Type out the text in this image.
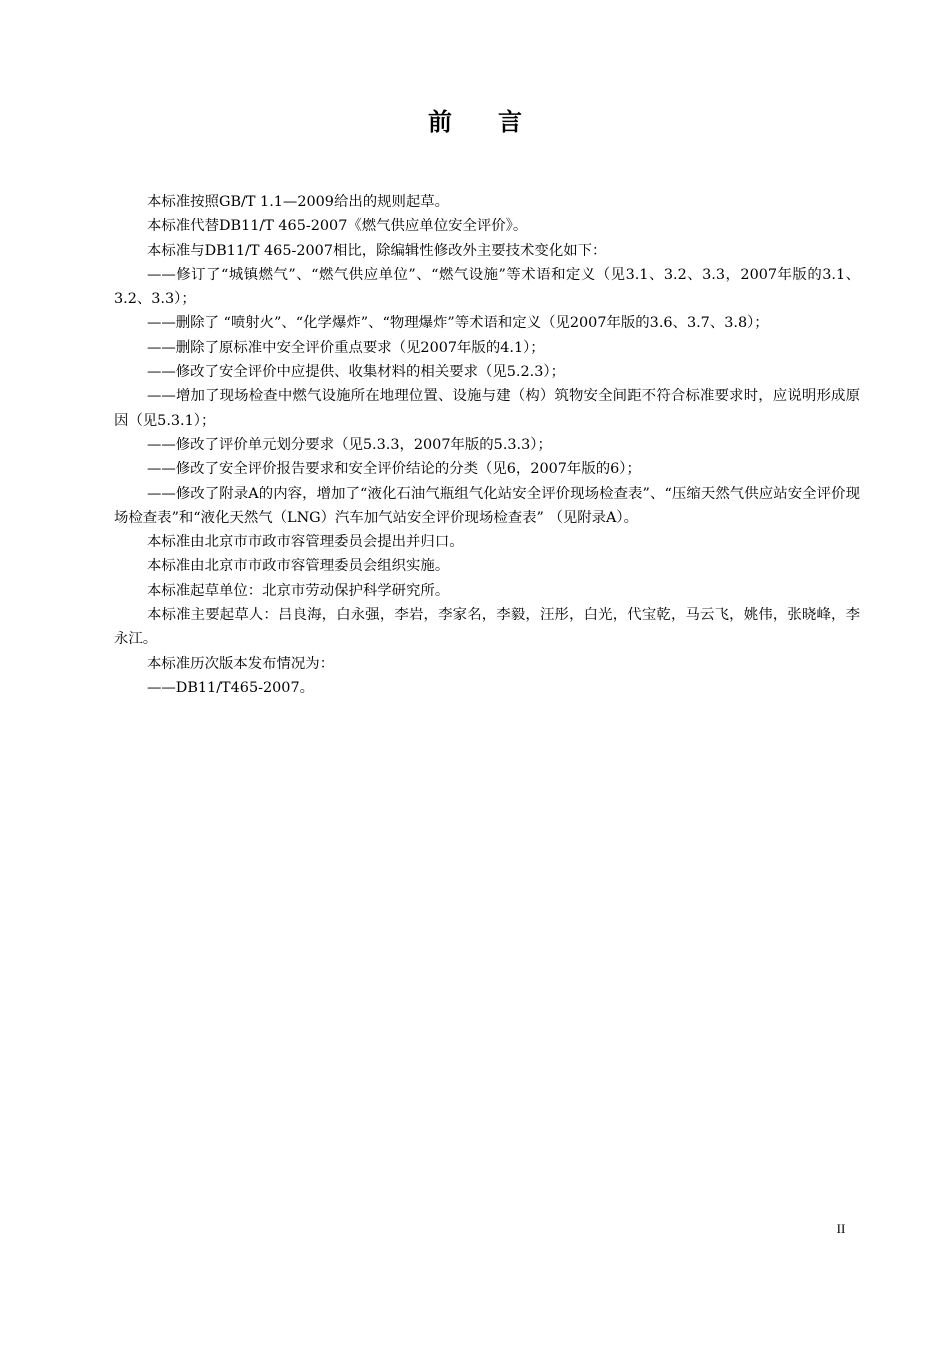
前言

本标准按照GB/T 1.1—2009给出的规则起草。

本标准代替DB11/T 465-2007《燃气供应单位安全评价》。

本标准与DB11/T 465-2007相比，除编辑性修改外主要技术变化如下：

——修订了“城镇燃气”、“燃气供应单位”、“燃气设施”等术语和定义（见3.1、3.2、3.3，2007年版的3.1、3.2、3.3）；

——删除了 “喷射火”、“化学爆炸”、“物理爆炸”等术语和定义（见2007年版的3.6、3.7、3.8）；

——删除了原标准中安全评价重点要求（见2007年版的4.1）；

——修改了安全评价中应提供、收集材料的相关要求（见5.2.3）；

——增加了现场检查中燃气设施所在地理位置、设施与建（构）筑物安全间距不符合标准要求时，应说明形成原因（见5.3.1）；

——修改了评价单元划分要求（见5.3.3，2007年版的5.3.3）；

——修改了安全评价报告要求和安全评价结论的分类（见6，2007年版的6）；

——修改了附录A的内容，增加了“液化石油气瓶组气化站安全评价现场检查表”、“压缩天然气供应站安全评价现场检查表”和“液化天然气（LNG）汽车加气站安全评价现场检查表” （见附录A）。

本标准由北京市市政市容管理委员会提出并归口。

本标准由北京市市政市容管理委员会组织实施。

本标准起草单位：北京市劳动保护科学研究所。

本标准主要起草人：吕良海，白永强，李岩，李家名，李毅，汪彤，白光，代宝乾，马云飞，姚伟，张晓峰，李永江。

本标准历次版本发布情况为：

——DB11/T465-2007。

II
